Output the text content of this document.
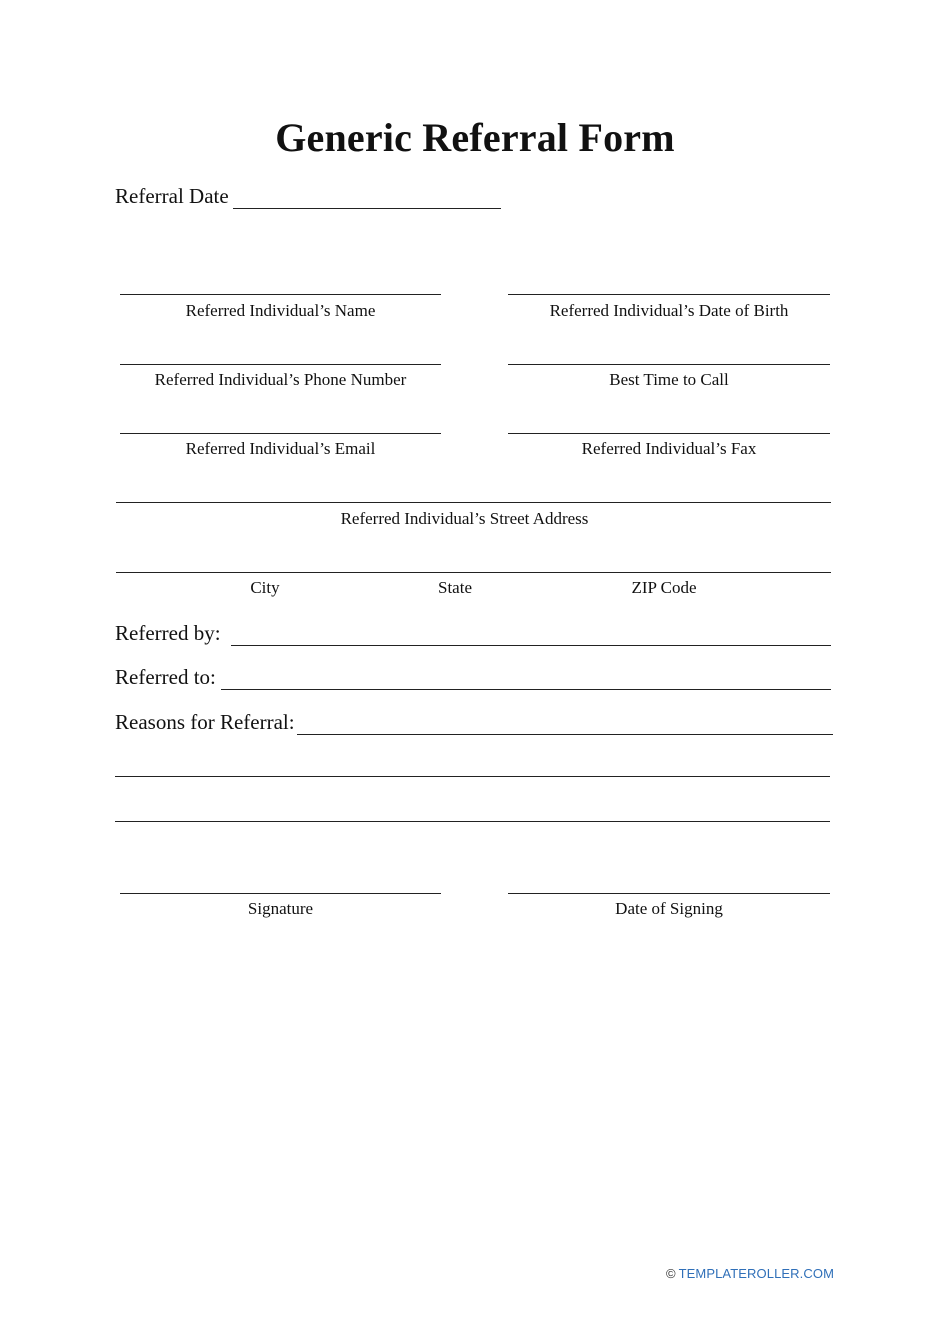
Generic Referral Form
Referral Date
Referred Individual’s Name	Referred Individual’s Date of Birth
Referred Individual’s Phone Number	Best Time to Call
Referred Individual’s Email	Referred Individual’s Fax
Referred Individual’s Street Address
City	State	ZIP Code
Referred by:
Referred to:
Reasons for Referral:
Signature	Date of Signing
© TEMPLATEROLLER.COM
